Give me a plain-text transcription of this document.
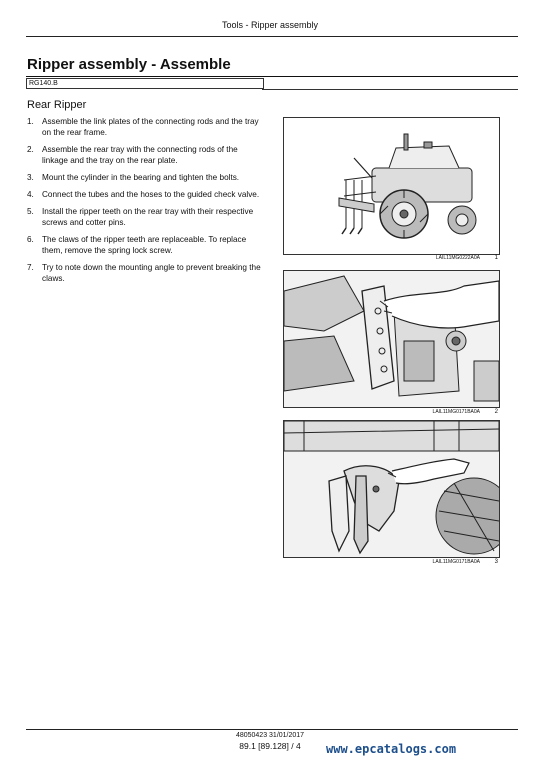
Tools - Ripper assembly
Ripper assembly - Assemble
RG140.B
Rear Ripper
1. Assemble the link plates of the connecting rods and the tray on the rear frame.
2. Assemble the rear tray with the connecting rods of the linkage and the tray on the rear plate.
3. Mount the cylinder in the bearing and tighten the bolts.
4. Connect the tubes and the hoses to the guided check valve.
5. Install the ripper teeth on the rear tray with their respective screws and cotter pins.
6. The claws of the ripper teeth are replaceable. To replace them, remove the spring lock screw.
7. Try to note down the mounting angle to prevent breaking the claws.
LAIL11MG0222A0A 1
LAIL11MG0171BA0A 2
LAIL11MG0171BA0A 3
48050423 31/01/2017
89.1 [89.128] / 4	www.epcatalogs.com
